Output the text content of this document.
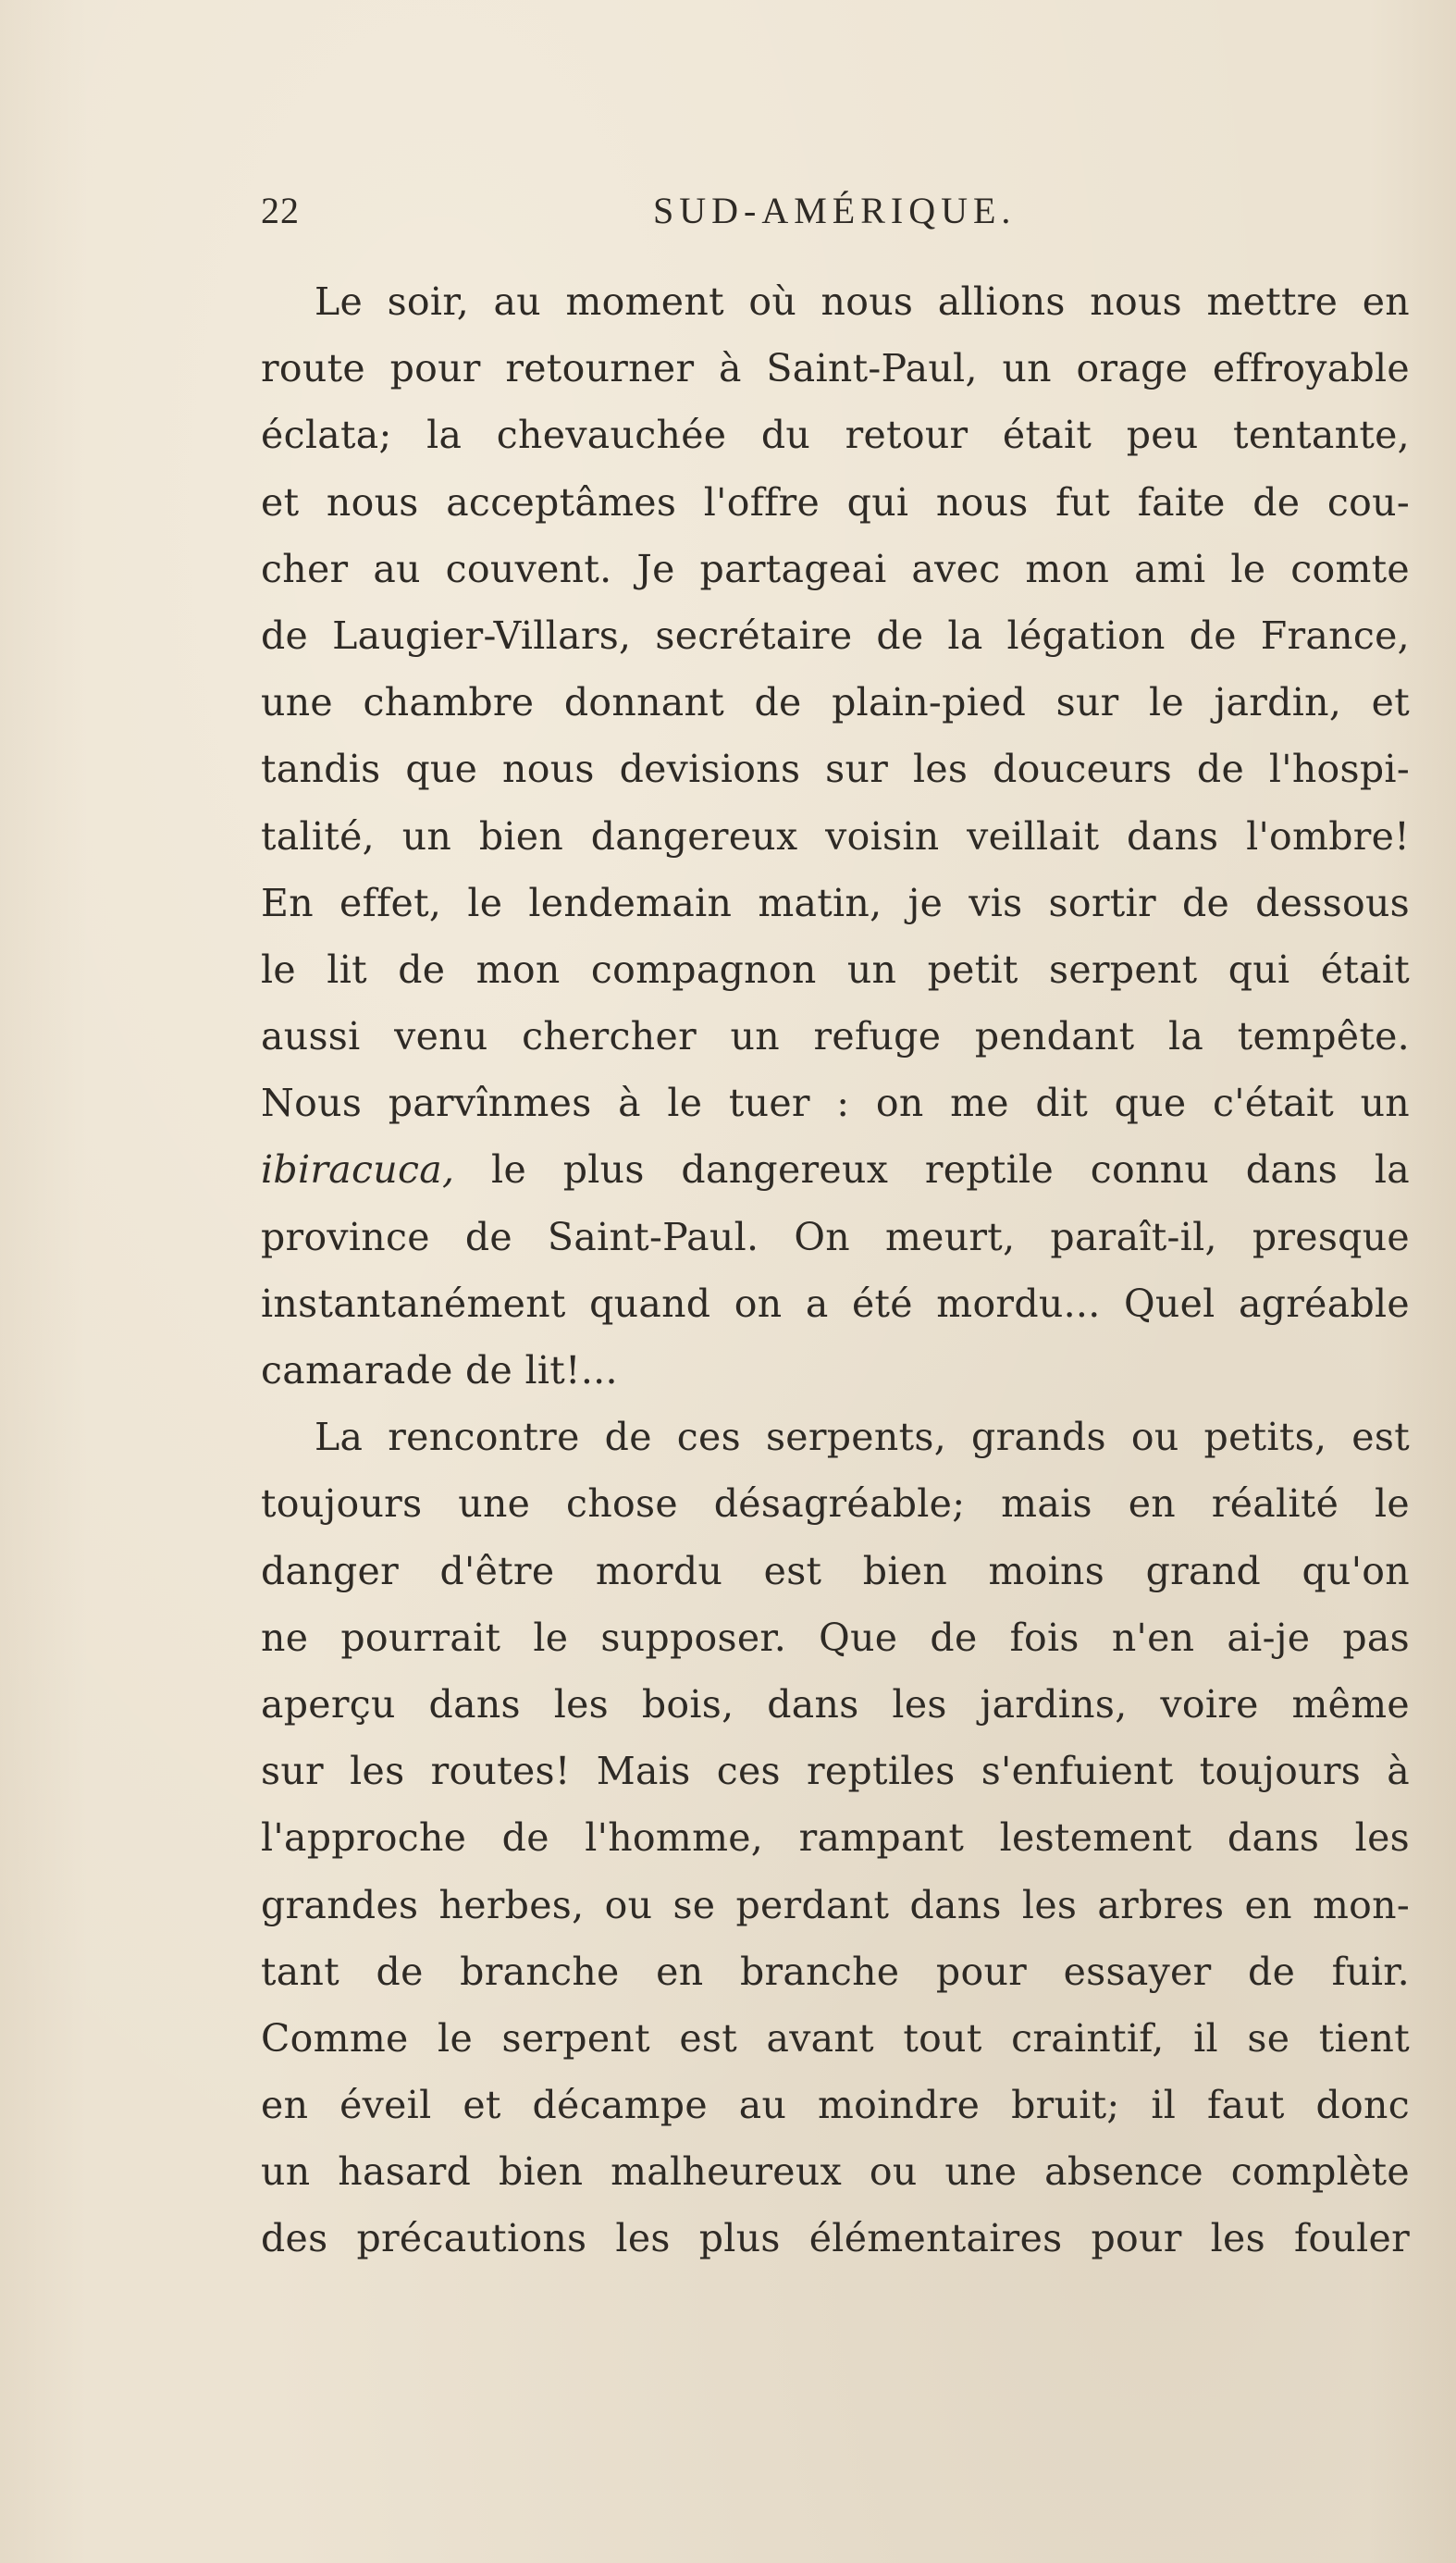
22	SUD-AMÉRIQUE.
Le soir, au moment où nous allions nous mettre en
route pour retourner à Saint-Paul, un orage effroyable
éclata; la chevauchée du retour était peu tentante,
et nous acceptâmes l'offre qui nous fut faite de cou-
cher au couvent. Je partageai avec mon ami le comte
de Laugier-Villars, secrétaire de la légation de France,
une chambre donnant de plain-pied sur le jardin, et
tandis que nous devisions sur les douceurs de l'hospi-
talité, un bien dangereux voisin veillait dans l'ombre!
En effet, le lendemain matin, je vis sortir de dessous
le lit de mon compagnon un petit serpent qui était
aussi venu chercher un refuge pendant la tempête.
Nous parvînmes à le tuer : on me dit que c'était un
ibiracuca, le plus dangereux reptile connu dans la
province de Saint-Paul. On meurt, paraît-il, presque
instantanément quand on a été mordu... Quel agréable
camarade de lit!...
La rencontre de ces serpents, grands ou petits, est
toujours une chose désagréable; mais en réalité le
danger d'être mordu est bien moins grand qu'on
ne pourrait le supposer. Que de fois n'en ai-je pas
aperçu dans les bois, dans les jardins, voire même
sur les routes! Mais ces reptiles s'enfuient toujours à
l'approche de l'homme, rampant lestement dans les
grandes herbes, ou se perdant dans les arbres en mon-
tant de branche en branche pour essayer de fuir.
Comme le serpent est avant tout craintif, il se tient
en éveil et décampe au moindre bruit; il faut donc
un hasard bien malheureux ou une absence complète
des précautions les plus élémentaires pour les fouler
